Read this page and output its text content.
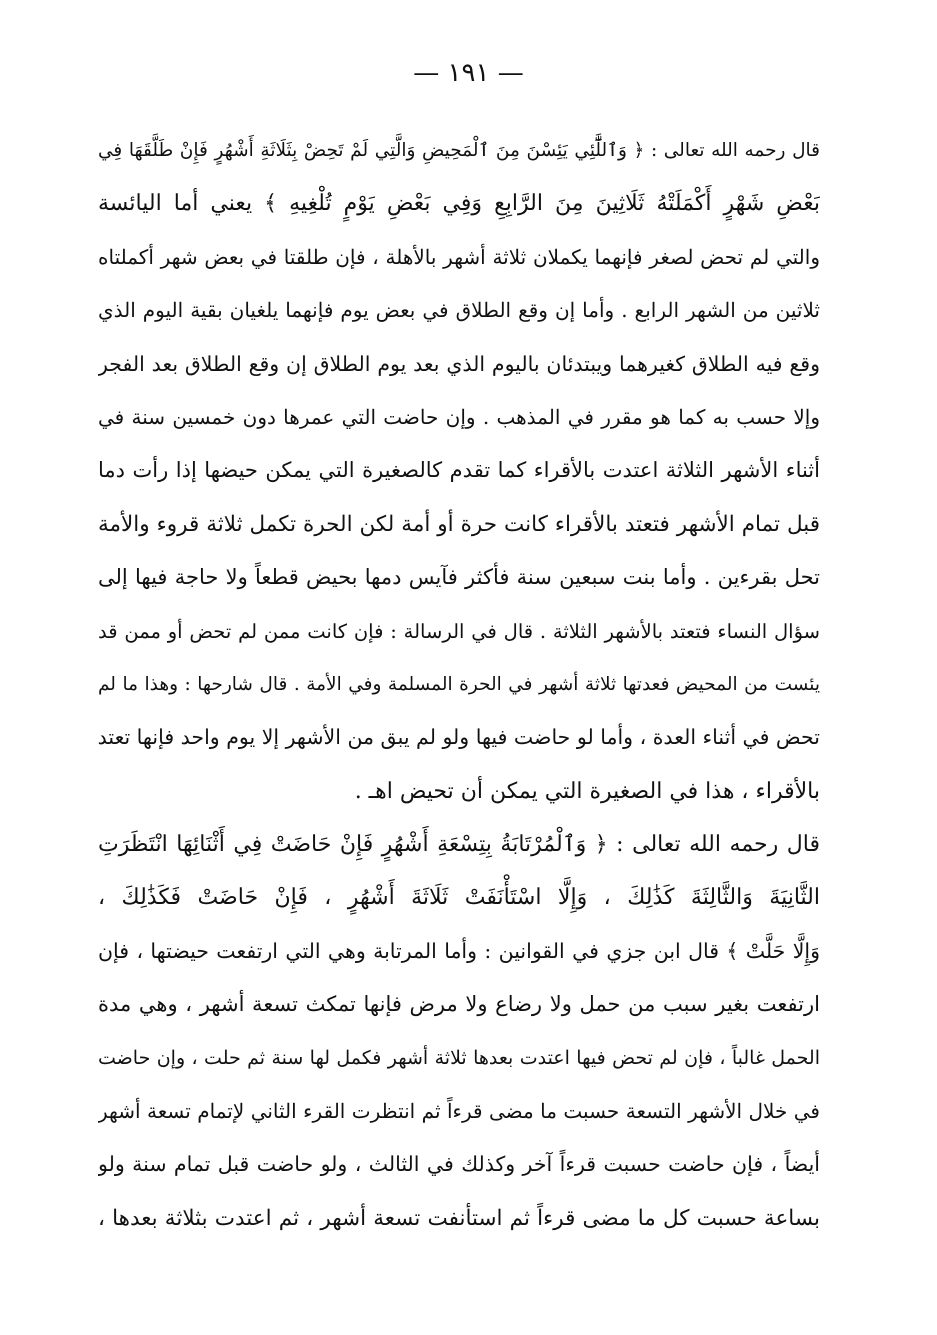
— ١٩١ —
قال رحمه الله تعالى : ﴿ وَٱللَّٰٓئِي يَئِسْنَ مِنَ ٱلْمَحِيضِ وَالَّتِي لَمْ تَحِضْ بِثَلَاثَةِ أَشْهُرٍ فَإِنْ طَلَّقَهَا فِي
بَعْضِ شَهْرٍ أَكْمَلَتْهُ ثَلَاثِينَ مِنَ الرَّابِعِ وَفِي بَعْضِ يَوْمٍ تُلْغِيهِ ﴾ يعني أما اليائسة
والتي لم تحض لصغر فإنهما يكملان ثلاثة أشهر بالأهلة ، فإن طلقتا في بعض شهر أكملتاه
ثلاثين من الشهر الرابع . وأما إن وقع الطلاق في بعض يوم فإنهما يلغيان بقية اليوم الذي
وقع فيه الطلاق كغيرهما ويبتدئان باليوم الذي بعد يوم الطلاق إن وقع الطلاق بعد الفجر
وإلا حسب به كما هو مقرر في المذهب . وإن حاضت التي عمرها دون خمسين سنة في
أثناء الأشهر الثلاثة اعتدت بالأقراء كما تقدم كالصغيرة التي يمكن حيضها إذا رأت دما
قبل تمام الأشهر فتعتد بالأقراء كانت حرة أو أمة لكن الحرة تكمل ثلاثة قروء والأمة
تحل بقرءين . وأما بنت سبعين سنة فأكثر فآيس دمها بحيض قطعاً ولا حاجة فيها إلى
سؤال النساء فتعتد بالأشهر الثلاثة . قال في الرسالة : فإن كانت ممن لم تحض أو ممن قد
يئست من المحيض فعدتها ثلاثة أشهر في الحرة المسلمة وفي الأمة . قال شارحها : وهذا ما لم
تحض في أثناء العدة ، وأما لو حاضت فيها ولو لم يبق من الأشهر إلا يوم واحد فإنها تعتد
بالأقراء ، هذا في الصغيرة التي يمكن أن تحيض اهـ .
قال رحمه الله تعالى : ﴿ وَٱلْمُرْتَابَةُ بِتِسْعَةِ أَشْهُرٍ فَإِنْ حَاضَتْ فِي أَثْنَائِهَا انْتَظَرَتِ
الثَّانِيَةَ وَالثَّالِثَةَ كَذَٰلِكَ ، وَإِلَّا اسْتَأْنَفَتْ ثَلَاثَةَ أَشْهُرٍ ، فَإِنْ حَاضَتْ فَكَذَٰلِكَ ،
وَإِلَّا حَلَّتْ ﴾ قال ابن جزي في القوانين : وأما المرتابة وهي التي ارتفعت حيضتها ، فإن
ارتفعت بغير سبب من حمل ولا رضاع ولا مرض فإنها تمكث تسعة أشهر ، وهي مدة
الحمل غالباً ، فإن لم تحض فيها اعتدت بعدها ثلاثة أشهر فكمل لها سنة ثم حلت ، وإن حاضت
في خلال الأشهر التسعة حسبت ما مضى قرءاً ثم انتظرت القرء الثاني لإتمام تسعة أشهر
أيضاً ، فإن حاضت حسبت قرءاً آخر وكذلك في الثالث ، ولو حاضت قبل تمام سنة ولو
بساعة حسبت كل ما مضى قرءاً ثم استأنفت تسعة أشهر ، ثم اعتدت بثلاثة بعدها ،
